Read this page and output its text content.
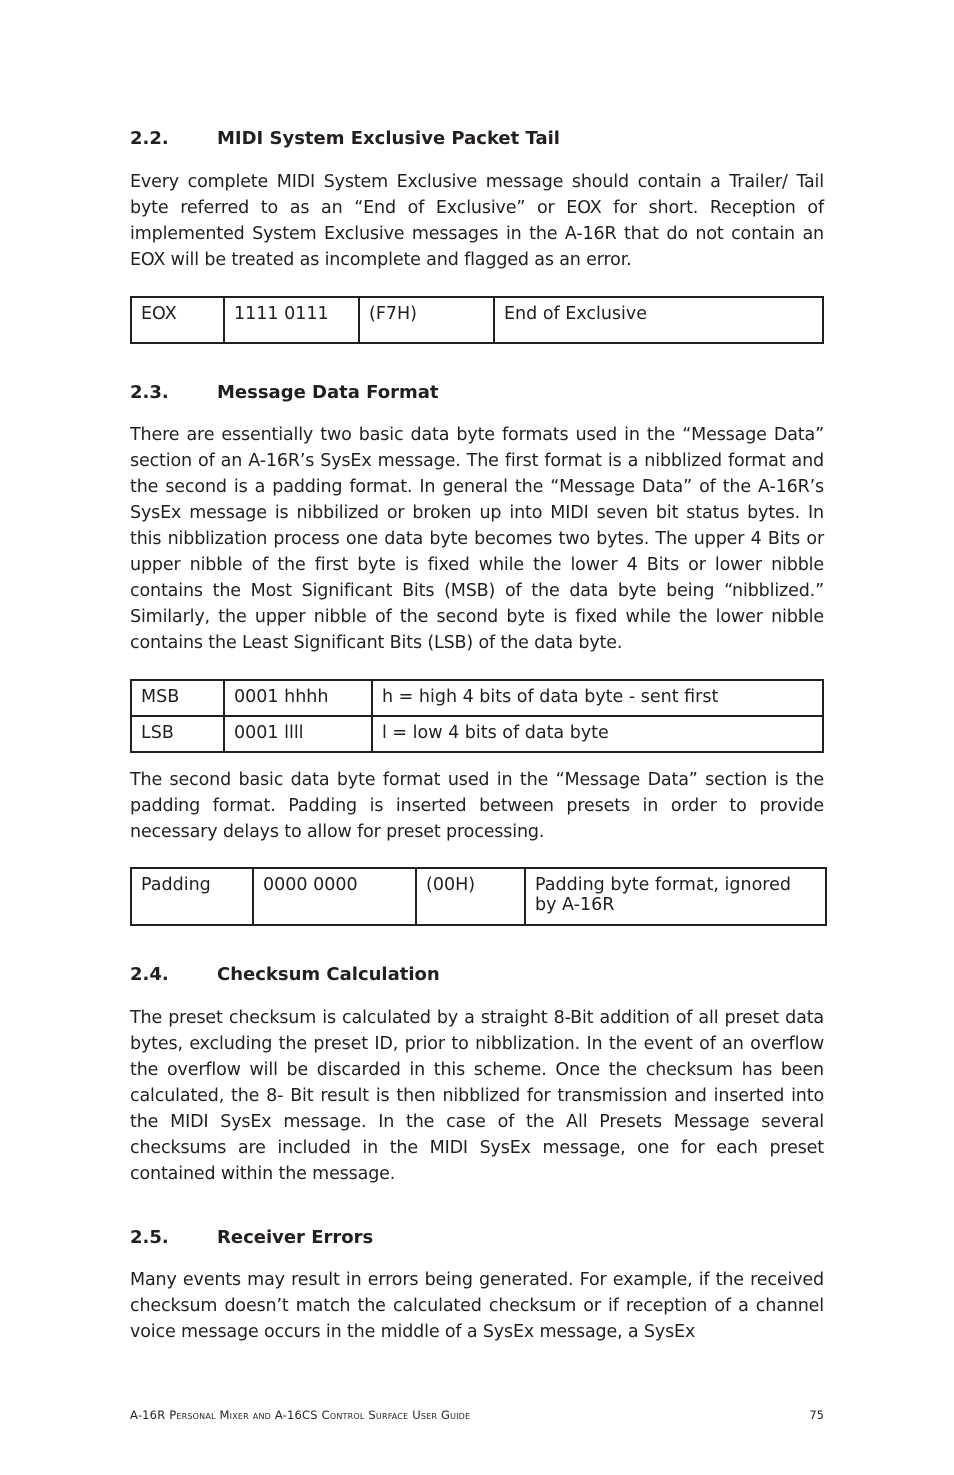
2.2.	MIDI System Exclusive Packet Tail

Every complete MIDI System Exclusive message should contain a Trailer/ Tail byte referred to as an “End of Exclusive” or EOX for short. Reception of implemented System Exclusive messages in the A-16R that do not contain an EOX will be treated as incomplete and flagged as an error.

EOX	1111 0111	(F7H)	End of Exclusive
2.3.	Message Data Format

There are essentially two basic data byte formats used in the “Message Data” section of an A-16R’s SysEx message. The first format is a nibblized format and the second is a padding format. In general the “Message Data” of the A-16R’s SysEx message is nibbilized or broken up into MIDI seven bit status bytes. In this nibblization process one data byte becomes two bytes. The upper 4 Bits or upper nibble of the first byte is fixed while the lower 4 Bits or lower nibble contains the Most Significant Bits (MSB) of the data byte being “nibblized.” Similarly, the upper nibble of the second byte is fixed while the lower nibble contains the Least Significant Bits (LSB) of the data byte.

MSB	0001 hhhh	h = high 4 bits of data byte - sent first
LSB	0001 llll	l = low 4 bits of data byte

The second basic data byte format used in the “Message Data” section is the padding format. Padding is inserted between presets in order to provide necessary delays to allow for preset processing.

Padding	0000 0000	(00H)	Padding byte format, ignored by A-16R
2.4.	Checksum Calculation

The preset checksum is calculated by a straight 8-Bit addition of all preset data bytes, excluding the preset ID, prior to nibblization. In the event of an overflow the overflow will be discarded in this scheme. Once the checksum has been calculated, the 8- Bit result is then nibblized for transmission and inserted into the MIDI SysEx message. In the case of the All Presets Message several checksums are included in the MIDI SysEx message, one for each preset contained within the message.

2.5.	Receiver Errors

Many events may result in errors being generated. For example, if the received checksum doesn’t match the calculated checksum or if reception of a channel voice message occurs in the middle of a SysEx message, a SysEx

A-16R Personal Mixer and A-16CS Control Surface User Guide	75
